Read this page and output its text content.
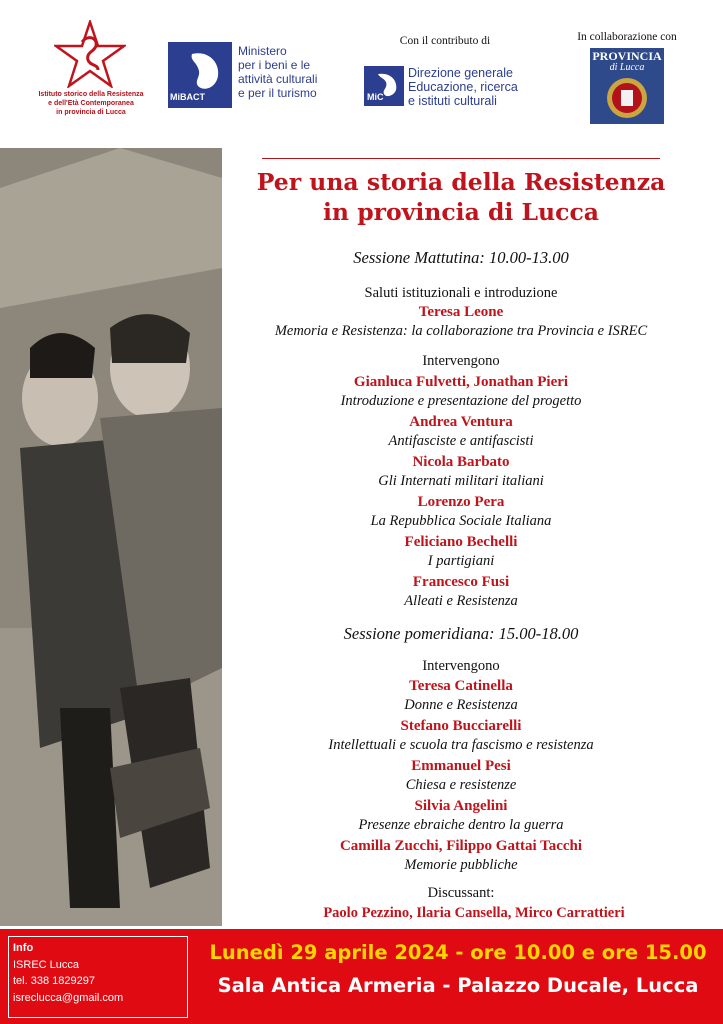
Istituto storico della Resistenza
e dell'Età Contemporanea
in provincia di Lucca
MiBACT
Ministero
per i beni e le
attività culturali
e per il turismo
Con il contributo di
MiC
Direzione generale
Educazione, ricerca
e istituti culturali
In collaborazione con
PROVINCIA
di Lucca
Per una storia della Resistenza
in provincia di Lucca
Sessione Mattutina: 10.00-13.00
Saluti istituzionali e introduzione
Teresa Leone
Memoria e Resistenza: la collaborazione tra Provincia e ISREC
Intervengono
Gianluca Fulvetti, Jonathan Pieri
Introduzione e presentazione del progetto
Andrea Ventura
Antifasciste e antifascisti
Nicola Barbato
Gli Internati militari italiani
Lorenzo Pera
La Repubblica Sociale Italiana
Feliciano Bechelli
I partigiani
Francesco Fusi
Alleati e Resistenza
Sessione pomeridiana: 15.00-18.00
Intervengono
Teresa Catinella
Donne e Resistenza
Stefano Bucciarelli
Intellettuali e scuola tra fascismo e resistenza
Emmanuel Pesi
Chiesa e resistenze
Silvia Angelini
Presenze ebraiche dentro la guerra
Camilla Zucchi, Filippo Gattai Tacchi
Memorie pubbliche
Discussant:
Paolo Pezzino, Ilaria Cansella, Mirco Carrattieri
Info
ISREC Lucca
tel. 338 1829297
isreclucca@gmail.com
Lunedì 29 aprile 2024 - ore 10.00 e ore 15.00
Sala Antica Armeria - Palazzo Ducale, Lucca
